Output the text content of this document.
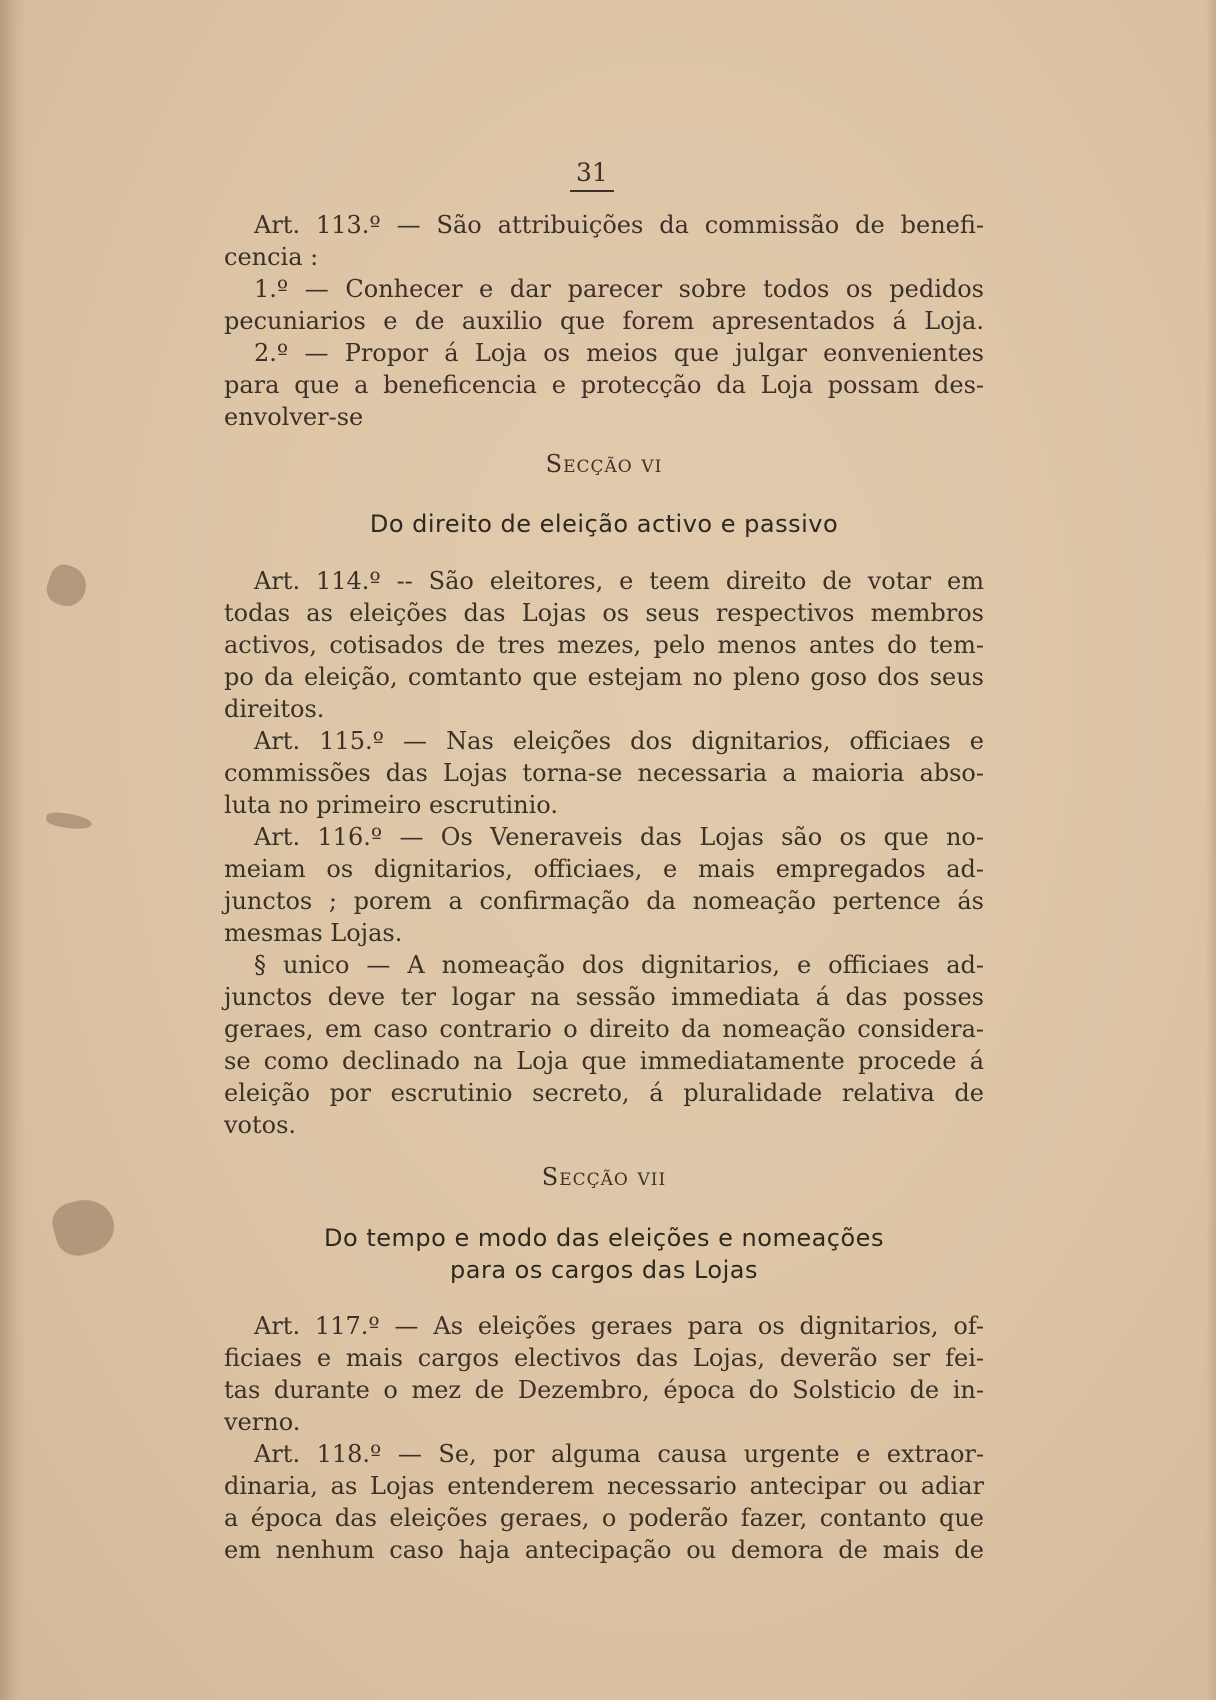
31
Art. 113.º — São attribuições da commissão de benefi-
cencia :
1.º — Conhecer e dar parecer sobre todos os pedidos
pecuniarios e de auxilio que forem apresentados á Loja.
2.º — Propor á Loja os meios que julgar eonvenientes
para que a beneficencia e protecção da Loja possam des-
envolver-se
Secção vi
Do direito de eleição activo e passivo
Art. 114.º -- São eleitores, e teem direito de votar em
todas as eleições das Lojas os seus respectivos membros
activos, cotisados de tres mezes, pelo menos antes do tem-
po da eleição, comtanto que estejam no pleno goso dos seus
direitos.
Art. 115.º — Nas eleições dos dignitarios, officiaes e
commissões das Lojas torna-se necessaria a maioria abso-
luta no primeiro escrutinio.
Art. 116.º — Os Veneraveis das Lojas são os que no-
meiam os dignitarios, officiaes, e mais empregados ad-
junctos ; porem a confirmação da nomeação pertence ás
mesmas Lojas.
§ unico — A nomeação dos dignitarios, e officiaes ad-
junctos deve ter logar na sessão immediata á das posses
geraes, em caso contrario o direito da nomeação considera-
se como declinado na Loja que immediatamente procede á
eleição por escrutinio secreto, á pluralidade relativa de
votos.
Secção vii
Do tempo e modo das eleições e nomeações
para os cargos das Lojas
Art. 117.º — As eleições geraes para os dignitarios, of-
ficiaes e mais cargos electivos das Lojas, deverão ser fei-
tas durante o mez de Dezembro, época do Solsticio de in-
verno.
Art. 118.º — Se, por alguma causa urgente e extraor-
dinaria, as Lojas entenderem necessario antecipar ou adiar
a época das eleições geraes, o poderão fazer, contanto que
em nenhum caso haja antecipação ou demora de mais de
